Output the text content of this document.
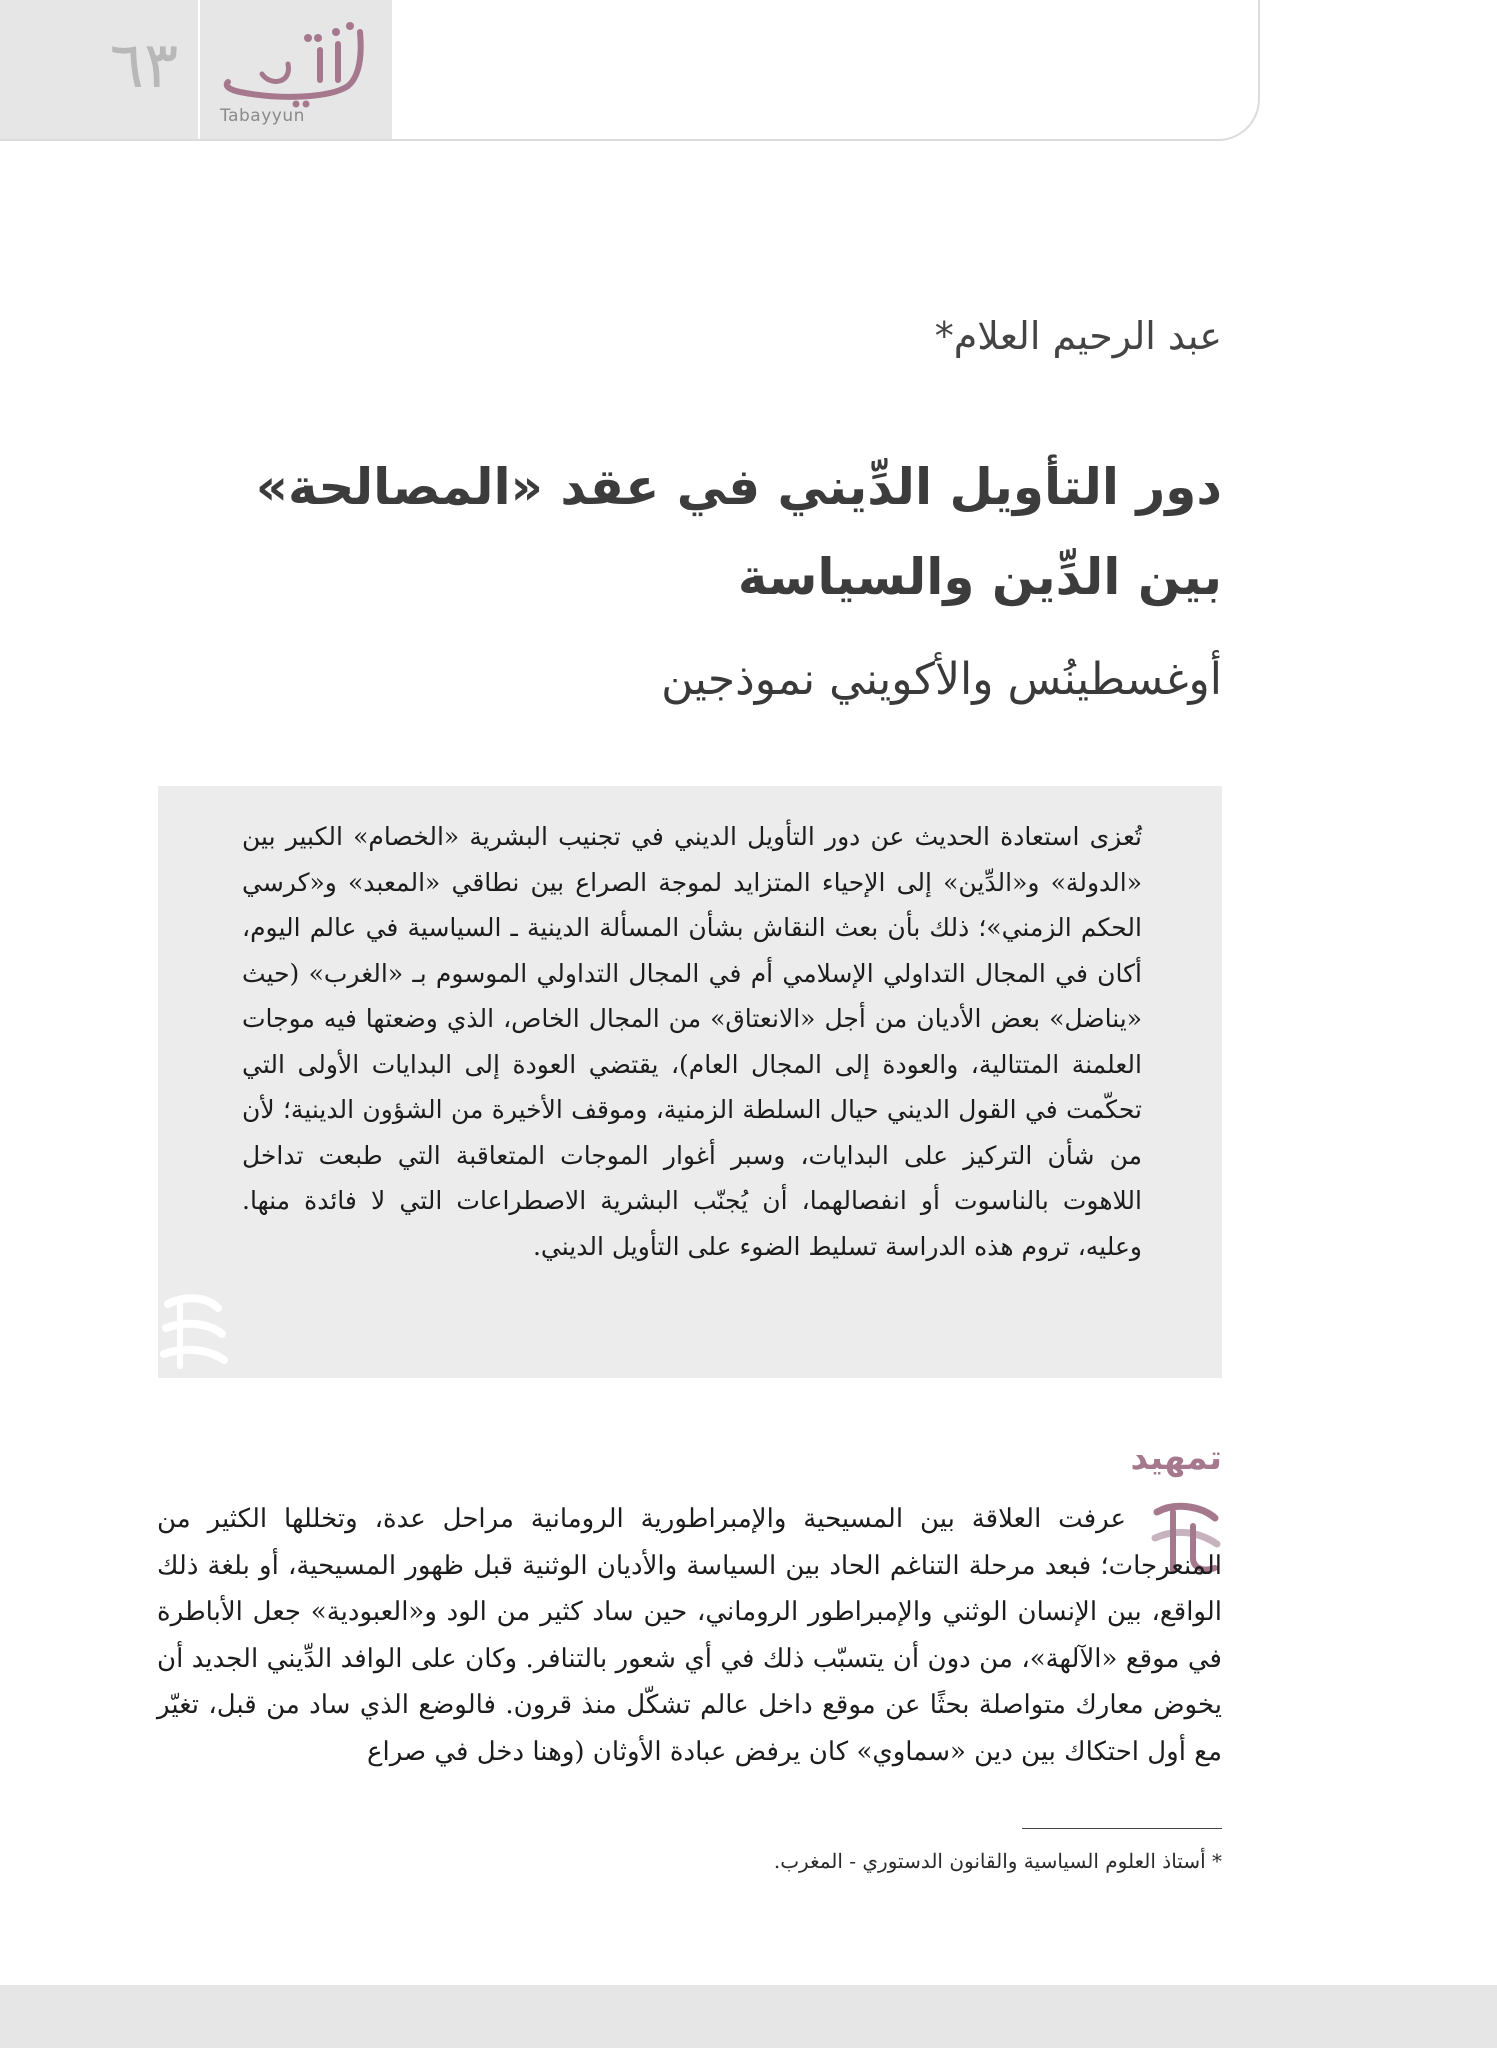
٦٣
Tabayyun
عبد الرحيم العلام*
دور التأويل الدِّيني في عقد «المصالحة»
بين الدِّين والسياسة
أوغسطينُس والأكويني نموذجين
تُعزى استعادة الحديث عن دور التأويل الديني في تجنيب البشرية «الخصام» الكبير بين «الدولة» و«الدِّين» إلى الإحياء المتزايد لموجة الصراع بين نطاقي «المعبد» و«كرسي الحكم الزمني»؛ ذلك بأن بعث النقاش بشأن المسألة الدينية ـ السياسية في عالم اليوم، أكان في المجال التداولي الإسلامي أم في المجال التداولي الموسوم بـ «الغرب» (حيث «يناضل» بعض الأديان من أجل «الانعتاق» من المجال الخاص، الذي وضعتها فيه موجات العلمنة المتتالية، والعودة إلى المجال العام)، يقتضي العودة إلى البدايات الأولى التي تحكّمت في القول الديني حيال السلطة الزمنية، وموقف الأخيرة من الشؤون الدينية؛ لأن من شأن التركيز على البدايات، وسبر أغوار الموجات المتعاقبة التي طبعت تداخل اللاهوت بالناسوت أو انفصالهما، أن يُجنّب البشرية الاصطراعات التي لا فائدة منها. وعليه، تروم هذه الدراسة تسليط الضوء على التأويل الديني.
تمهيد
عرفت العلاقة بين المسيحية والإمبراطورية الرومانية مراحل عدة، وتخللها الكثير من المنعرجات؛ فبعد مرحلة التناغم الحاد بين السياسة والأديان الوثنية قبل ظهور المسيحية، أو بلغة ذلك الواقع، بين الإنسان الوثني والإمبراطور الروماني، حين ساد كثير من الود و«العبودية» جعل الأباطرة في موقع «الآلهة»، من دون أن يتسبّب ذلك في أي شعور بالتنافر. وكان على الوافد الدِّيني الجديد أن يخوض معارك متواصلة بحثًا عن موقع داخل عالم تشكّل منذ قرون. فالوضع الذي ساد من قبل، تغيّر مع أول احتكاك بين دين «سماوي» كان يرفض عبادة الأوثان (وهنا دخل في صراع
* أستاذ العلوم السياسية والقانون الدستوري - المغرب.
